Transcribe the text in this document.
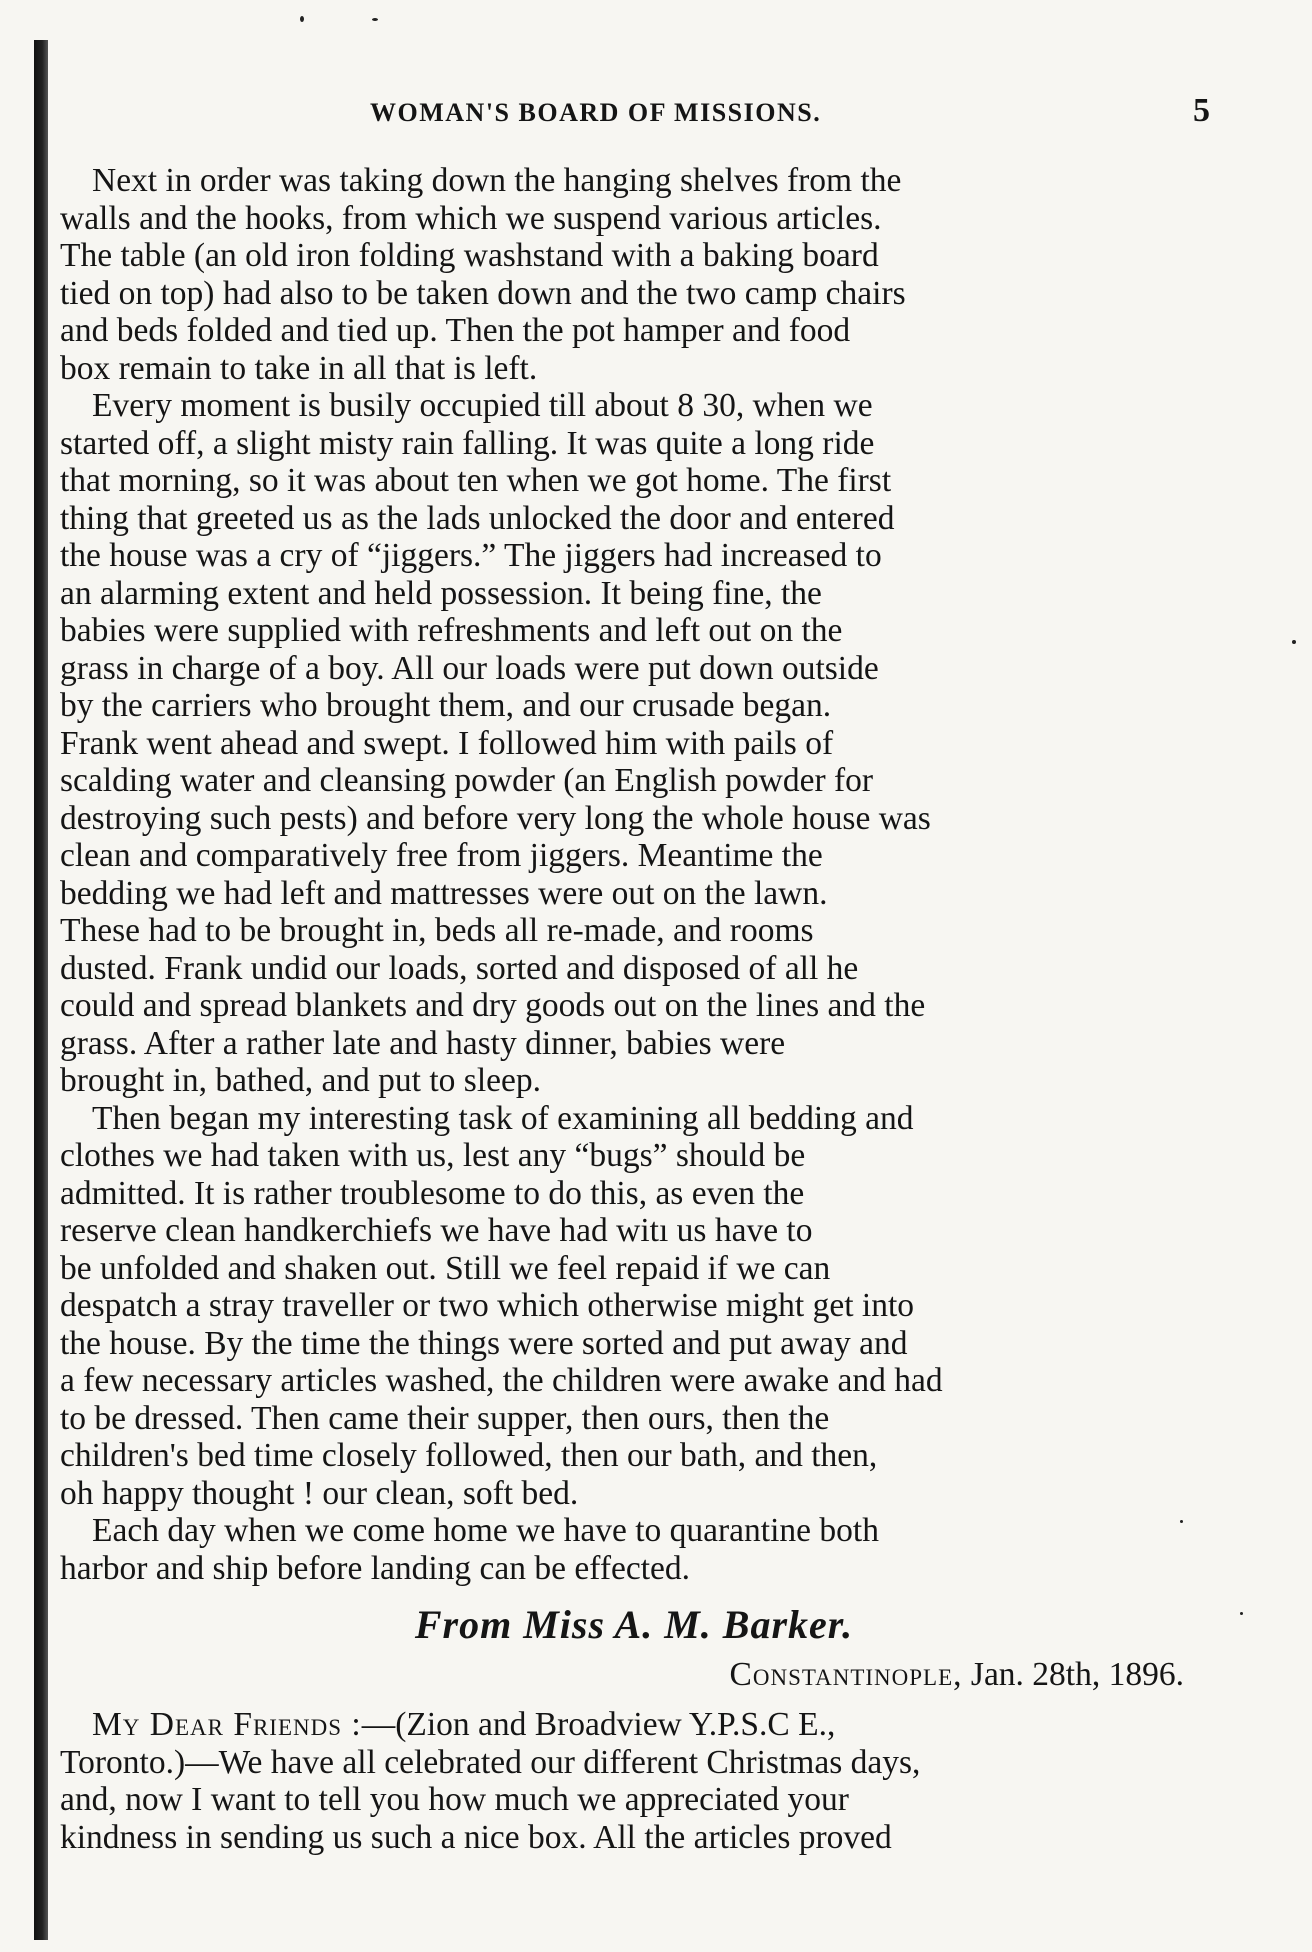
WOMAN'S BOARD OF MISSIONS.	5

Next in order was taking down the hanging shelves from the
walls and the hooks, from which we suspend various articles.
The table (an old iron folding washstand with a baking board
tied on top) had also to be taken down and the two camp chairs
and beds folded and tied up. Then the pot hamper and food
box remain to take in all that is left.

Every moment is busily occupied till about 8 30, when we
started off, a slight misty rain falling. It was quite a long ride
that morning, so it was about ten when we got home. The first
thing that greeted us as the lads unlocked the door and entered
the house was a cry of “jiggers.” The jiggers had increased to
an alarming extent and held possession. It being fine, the
babies were supplied with refreshments and left out on the
grass in charge of a boy. All our loads were put down outside
by the carriers who brought them, and our crusade began.
Frank went ahead and swept. I followed him with pails of
scalding water and cleansing powder (an English powder for
destroying such pests) and before very long the whole house was
clean and comparatively free from jiggers. Meantime the
bedding we had left and mattresses were out on the lawn.
These had to be brought in, beds all re-made, and rooms
dusted. Frank undid our loads, sorted and disposed of all he
could and spread blankets and dry goods out on the lines and the
grass. After a rather late and hasty dinner, babies were
brought in, bathed, and put to sleep.

Then began my interesting task of examining all bedding and
clothes we had taken with us, lest any “bugs” should be
admitted. It is rather troublesome to do this, as even the
reserve clean handkerchiefs we have had witı us have to
be unfolded and shaken out. Still we feel repaid if we can
despatch a stray traveller or two which otherwise might get into
the house. By the time the things were sorted and put away and
a few necessary articles washed, the children were awake and had
to be dressed. Then came their supper, then ours, then the
children's bed time closely followed, then our bath, and then,
oh happy thought ! our clean, soft bed.

Each day when we come home we have to quarantine both
harbor and ship before landing can be effected.

From Miss A. M. Barker.
Constantinople, Jan. 28th, 1896.

My Dear Friends :—(Zion and Broadview Y.P.S.C E.,
Toronto.)—We have all celebrated our different Christmas days,
and, now I want to tell you how much we appreciated your
kindness in sending us such a nice box. All the articles proved
